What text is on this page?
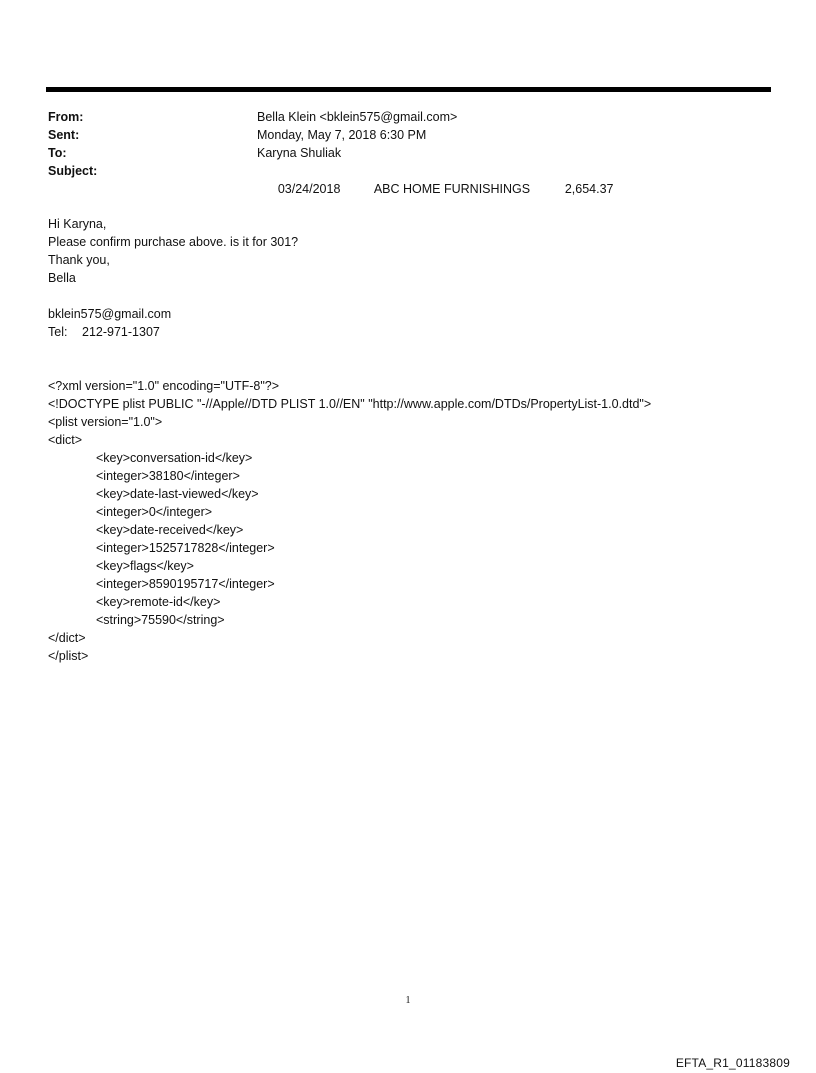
From:	Bella Klein <bklein575@gmail.com>
Sent:	Monday, May 7, 2018 6:30 PM
To:	Karyna Shuliak
Subject:

03/24/2018	ABC HOME FURNISHINGS	2,654.37

Hi Karyna,
Please confirm purchase above. is it for 301?
Thank you,
Bella
bklein575@gmail.com
Tel: 212-971-1307
<?xml version="1.0" encoding="UTF-8"?>
<!DOCTYPE plist PUBLIC "-//Apple//DTD PLIST 1.0//EN" "http://www.apple.com/DTDs/PropertyList-1.0.dtd">
<plist version="1.0">
<dict>
<key>conversation-id</key>
<integer>38180</integer>
<key>date-last-viewed</key>
<integer>0</integer>
<key>date-received</key>
<integer>1525717828</integer>
<key>flags</key>
<integer>8590195717</integer>
<key>remote-id</key>
<string>75590</string>
</dict>
</plist>
1
EFTA_R1_01183809
